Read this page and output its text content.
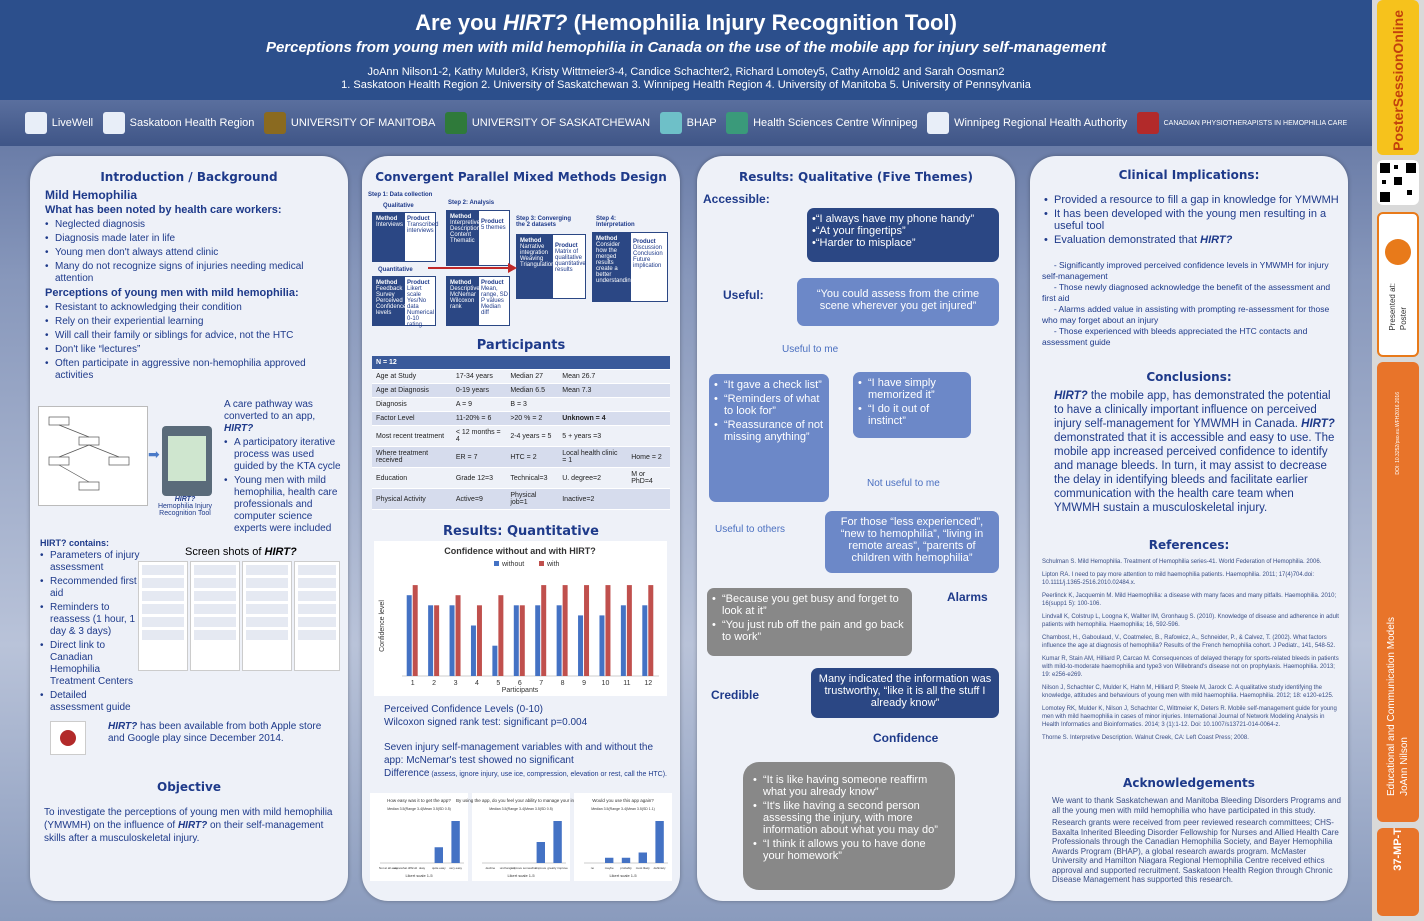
Are you HIRT? (Hemophilia Injury Recognition Tool)
Perceptions from young men with mild hemophilia in Canada on the use of the mobile app for injury self-management
JoAnn Nilson1-2, Kathy Mulder3, Kristy Wittmeier3-4, Candice Schachter2, Richard Lomotey5, Cathy Arnold2 and Sarah Oosman2
1. Saskatoon Health Region 2. University of Saskatchewan 3. Winnipeg Health Region 4. University of Manitoba 5. University of Pennsylvania
LiveWell	Saskatoon Health Region	UNIVERSITY OF MANITOBA	UNIVERSITY OF SASKATCHEWAN	BHAP	Health Sciences Centre Winnipeg	Winnipeg Regional Health Authority	CANADIAN PHYSIOTHERAPISTS IN HEMOPHILIA CARE
Introduction / Background
Mild Hemophilia
What has been noted by health care workers:
• Neglected diagnosis
• Diagnosis made later in life
• Young men don't always attend clinic
• Many do not recognize signs of injuries needing medical attention
Perceptions of young men with mild hemophilia:
• Resistant to acknowledging their condition
• Rely on their experiential learning
• Will call their family or siblings for advice, not the HTC
• Don't like “lectures”
• Often participate in aggressive non-hemophilia approved activities
➡
HIRT?
Hemophilia Injury Recognition Tool
A care pathway was converted to an app, HIRT?
• A participatory iterative process was used guided by the KTA cycle
• Young men with mild hemophilia, health care professionals and computer science experts were included
HIRT? contains:
• Parameters of injury assessment
• Recommended first aid
• Reminders to reassess (1 hour, 1 day & 3 days)
• Direct link to Canadian Hemophilia Treatment Centers
• Detailed assessment guide
Screen shots of HIRT?
HIRT? has been available from both Apple store and Google play since December 2014.
Objective
To investigate the perceptions of young men with mild hemophilia (YMWMH) on the influence of HIRT? on their self-management skills after a musculoskeletal injury.
Convergent Parallel Mixed Methods Design
Step 1: Data collection
Step 2: Analysis
Step 3: Converging the 2 datasets
Step 4: Interpretation
Qualitative
Quantitative
Method
Interviews
Product
Transcribed interviews
Method
Interpretive Description
Content
Thematic
Product
5 themes
Method
Narrative integration Weaving Triangulation
Product
Matrix of qualitative quantitative results
Method
Consider how the merged results create a better understanding
Product
Discussion
Conclusion
Future implication
Method
Feedback Survey
Perceived Confidence levels
Product
Likert scale Yes/No data
Numerical 0-10 rating
Method
Descriptive McNemar Wilcoxon rank
Product
Mean, range, SD
P values
Median diff
Participants
N = 12				
Age at Study	17-34 years	Median 27	Mean 26.7	
Age at Diagnosis	0-19 years	Median 6.5	Mean 7.3	
Diagnosis	A = 9	B = 3		
Factor Level	11-20% = 6	>20 % = 2	Unknown = 4	
Most recent treatment	< 12 months = 4	2-4 years = 5	5 + years =3	
Where treatment received	ER = 7	HTC = 2	Local health clinic = 1	Home = 2
Education	Grade 12=3	Technical=3	U. degree=2	M or PhD=4
Physical Activity	Active=9	Physical job=1	Inactive=2	
Results: Quantitative
Confidence without and with HIRT?
without	with
1	2	3	4	5	6	7	8	9 10 11 12
Participants
Confidence level
Perceived Confidence Levels (0-10)
Wilcoxon signed rank test: significant p=0.004
Seven injury self-management variables with and without the app: McNemar's test showed no significant
Difference (assess, ignore injury, use ice, compression, elevation or rest, call the HTC).
How easy was it to get the app?
Median 3.5(Range 3-4)Mean 3.5(SD 0.5)
Not at all easy
somewhat difficult okay quite easy very easy
Likert scale 1-5
By using the app, do you feel your ability to manage your injuries:
Median 3.5(Range 3-4)Mean 3.5(SD 0.5)
decline unchanged
improve somewhat
improve greatly improve
Likert scale 1-5
Would you use this app again?
Median 3.5(Range 3-4)Mean 3.5(SD 1.1)
no	maybe probably most likely definitely
Likert scale 1-5
Results: Qualitative (Five Themes)
Accessible:
•“I always have my phone handy”
•“At your fingertips”
•“Harder to misplace”
Useful:	“You could assess from the crime scene wherever you get injured”
Useful to me
• “It gave a check list”
• “Reminders of what to look for”
• “Reassurance of not missing anything”
• “I have simply memorized it”
• “I do it out of instinct”
Not useful to me
Useful to others
For those “less experienced”, “new to hemophilia”, “living in remote areas”, “parents of children with hemophilia”
• “Because you get busy and forget to look at it”
• “You just rub off the pain and go back to work”
Alarms
Credible
Many indicated the information was trustworthy, “like it is all the stuff I already know”
Confidence
• “It is like having someone reaffirm what you already know”
• “It's like having a second person assessing the injury, with more information about what you may do”
• “I think it allows you to have done your homework”
Clinical Implications:
• Provided a resource to fill a gap in knowledge for YMWMH
• It has been developed with the young men resulting in a useful tool
• Evaluation demonstrated that HIRT?
- Significantly improved perceived confidence levels in YMWMH for injury self-management
- Those newly diagnosed acknowledge the benefit of the assessment and first aid
- Alarms added value in assisting with prompting re-assessment for those who may forget about an injury
- Those experienced with bleeds appreciated the HTC contacts and assessment guide
Conclusions:
HIRT? the mobile app, has demonstrated the potential to have a clinically important influence on perceived injury self-management for YMWMH in Canada. HIRT? demonstrated that it is accessible and easy to use. The mobile app increased perceived confidence to identify and manage bleeds. In turn, it may assist to decrease the delay in identifying bleeds and facilitate earlier communication with the health care team when YMWMH sustain a musculoskeletal injury.
References:
Schulman S. Mild Hemophilia. Treatment of Hemophilia series-41. World Federation of Hemophilia. 2006.
Lipton RA. I need to pay more attention to mild haemophilia patients. Haemophilia. 2011; 17(4)704.doi: 10.1111/j.1365-2516.2010.02484.x.
Peerlinck K, Jacquemin M. Mild Haemophilia: a disease with many faces and many pitfalls. Haemophilia. 2010; 16(supp1 5): 100-106.
Lindvall K, Colstrup L, Loogna K, Wallter IM, Gronhaug S. (2010). Knowledge of disease and adherence in adult patients with hemophilia. Haemophilia; 16, 592-596.
Chambost, H., Gaboulaud, V., Coatmelec, B., Rafowicz, A., Schneider, P., & Calvez, T. (2002). What factors influence the age at diagnosis of hemophilia? Results of the French hemophilia cohort. J Pediatr., 141, 548-52.
Kumar R, Stain AM, Hilliard P, Carcao M. Consequences of delayed therapy for sports-related bleeds in patients with mild-to-moderate haemophilia and type3 von Willebrand's disease not on prophylaxis. Haemophilia. 2013; 19: e256-e269.
Nilson J, Schachter C, Mulder K, Hahn M, Hilliard P, Steele M, Jarock C. A qualitative study identifying the knowledge, attitudes and behaviours of young men with mild haemophilia. Haemophilia. 2012; 18: e120-e125.
Lomotey RK, Mulder K, Nilson J, Schachter C, Wittmeier K, Deters R. Mobile self-management guide for young men with mild haemophilia in cases of minor injuries. International Journal of Network Modeling Analysis in Health Informatics and Bioinformatics. 2014; 3 (1):1-12. Doi: 10.1007/s13721-014-0064-z.
Thorne S. Interpretive Description. Walnut Creek, CA: Left Coast Press; 2008.
Acknowledgements
We want to thank Saskatchewan and Manitoba Bleeding Disorders Programs and all the young men with mild hemophilia who have participated in this study.
Research grants were received from peer reviewed research committees; CHS-Baxalta Inherited Bleeding Disorder Fellowship for Nurses and Allied Health Care Professionals through the Canadian Hemophilia Society, and Bayer Hemophilia Awards Program (BHAP), a global research awards program. McMaster University and Hamilton Niagara Regional Hemophilia Centre received ethics approval and supported recruitment. Saskatoon Health Region through Chronic Disease Management has supported this research.
PosterSessionOnline
Presented at: Poster
DOI: 10.3252/pso.eu.WFH2016.2016
Educational and Communication Models JoAnn Nilson
37-MP-T
